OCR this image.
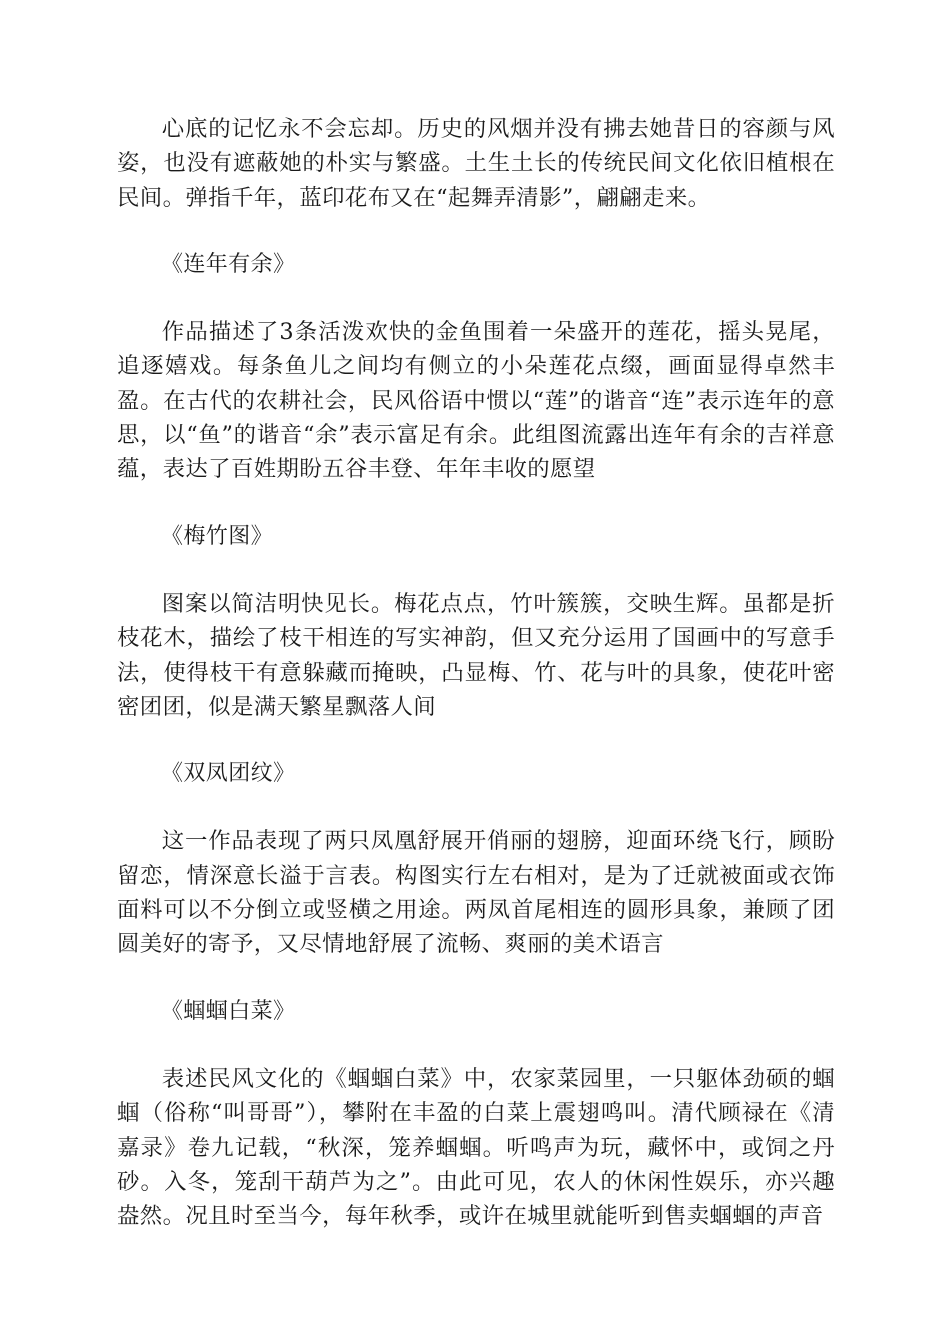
心底的记忆永不会忘却。历史的风烟并没有拂去她昔日的容颜与风姿，也没有遮蔽她的朴实与繁盛。土生土长的传统民间文化依旧植根在民间。弹指千年，蓝印花布又在“起舞弄清影”，翩翩走来。

《连年有余》

作品描述了3条活泼欢快的金鱼围着一朵盛开的莲花，摇头晃尾，追逐嬉戏。每条鱼儿之间均有侧立的小朵莲花点缀，画面显得卓然丰盈。在古代的农耕社会，民风俗语中惯以“莲”的谐音“连”表示连年的意思，以“鱼”的谐音“余”表示富足有余。此组图流露出连年有余的吉祥意蕴，表达了百姓期盼五谷丰登、年年丰收的愿望

《梅竹图》

图案以简洁明快见长。梅花点点，竹叶簇簇，交映生辉。虽都是折枝花木，描绘了枝干相连的写实神韵，但又充分运用了国画中的写意手法，使得枝干有意躲藏而掩映，凸显梅、竹、花与叶的具象，使花叶密密团团，似是满天繁星飘落人间

《双凤团纹》

这一作品表现了两只凤凰舒展开俏丽的翅膀，迎面环绕飞行，顾盼留恋，情深意长溢于言表。构图实行左右相对，是为了迁就被面或衣饰面料可以不分倒立或竖横之用途。两凤首尾相连的圆形具象，兼顾了团圆美好的寄予，又尽情地舒展了流畅、爽丽的美术语言

《蝈蝈白菜》

表述民风文化的《蝈蝈白菜》中，农家菜园里，一只躯体劲硕的蝈蝈（俗称“叫哥哥”），攀附在丰盈的白菜上震翅鸣叫。清代顾禄在《清嘉录》卷九记载，“秋深，笼养蝈蝈。听鸣声为玩，藏怀中，或饲之丹砂。入冬，笼刮干葫芦为之”。由此可见，农人的休闲性娱乐，亦兴趣盎然。况且时至当今，每年秋季，或许在城里就能听到售卖蝈蝈的声音
